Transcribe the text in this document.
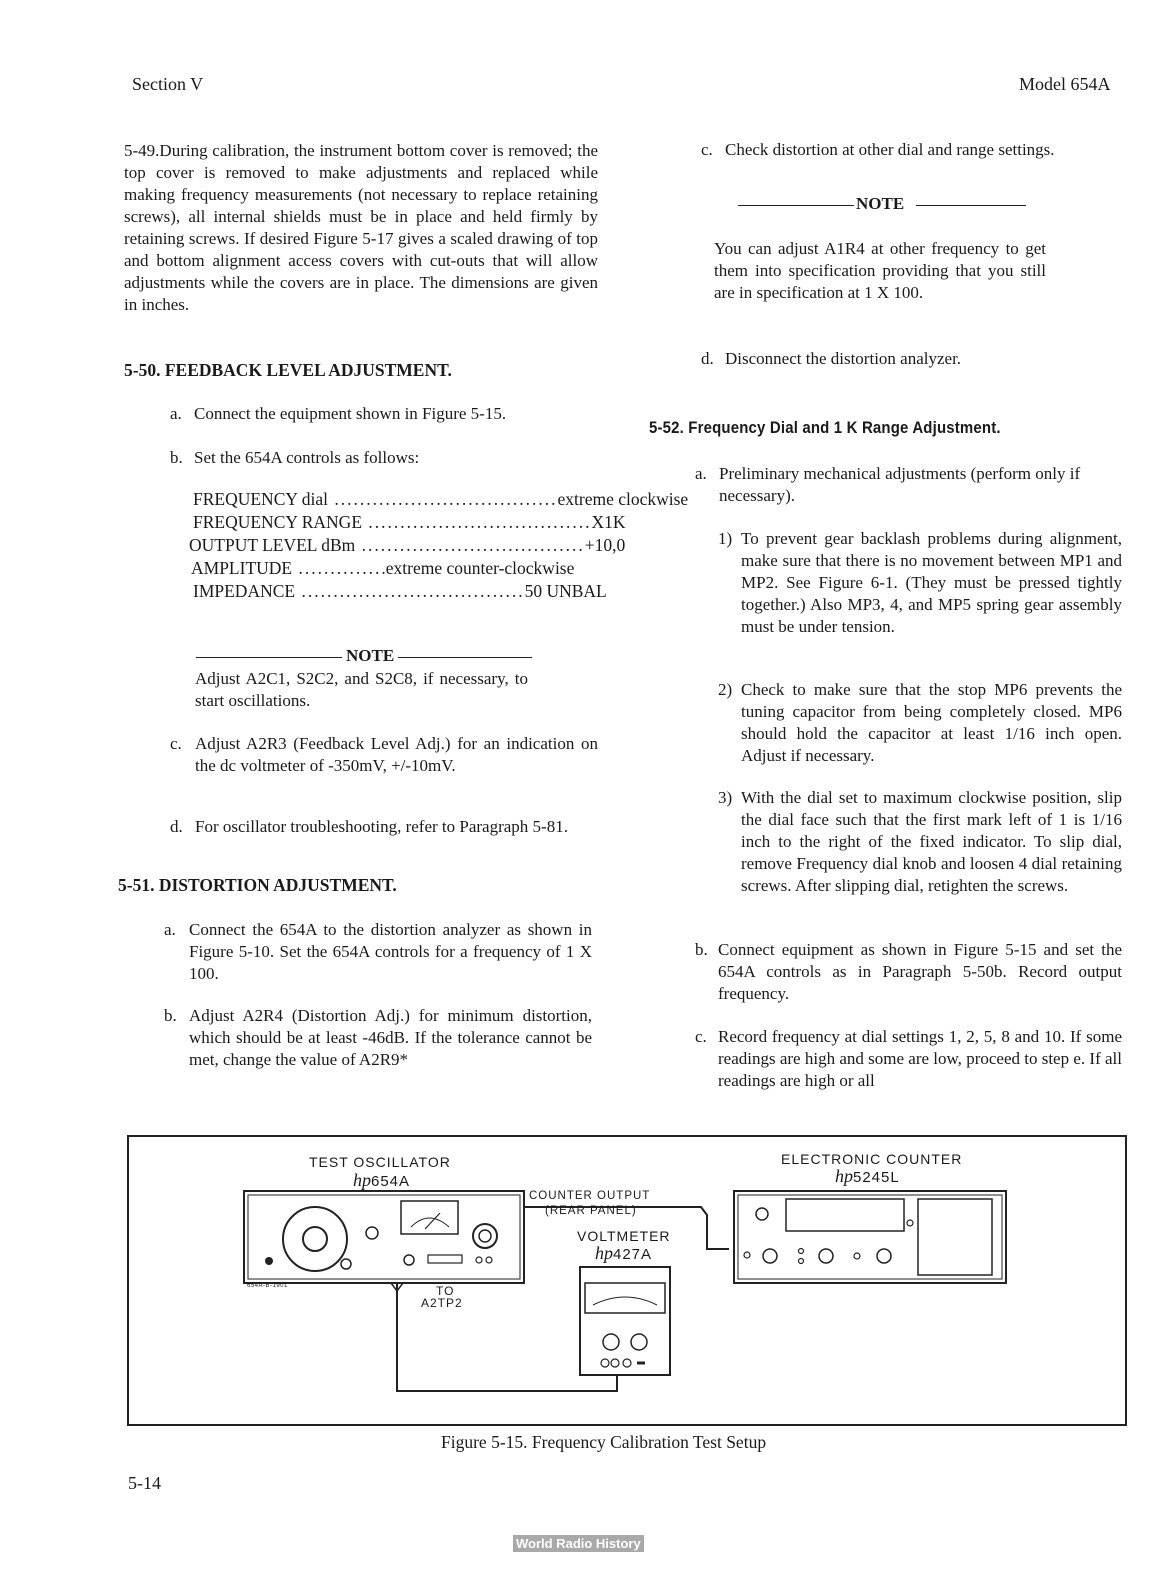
Section V	Model 654A
5-49.During calibration, the instrument bottom cover is removed; the top cover is removed to make adjustments and replaced while making frequency measurements (not necessary to replace retaining screws), all internal shields must be in place and held firmly by retaining screws. If desired Figure 5-17 gives a scaled drawing of top and bottom alignment access covers with cut-outs that will allow adjustments while the covers are in place. The dimensions are given in inches.
5-50. FEEDBACK LEVEL ADJUSTMENT.
a. Connect the equipment shown in Figure 5-15.
b. Set the 654A controls as follows:
FREQUENCY dial ................................... extreme clockwise
FREQUENCY RANGE ................................... X1K
OUTPUT LEVEL dBm ................................... +10,0
AMPLITUDE ............. .extreme counter-clockwise
IMPEDANCE ................................... 50 UNBAL
NOTE
Adjust A2C1, S2C2, and S2C8, if necessary, to start oscillations.
c. Adjust A2R3 (Feedback Level Adj.) for an indication on the dc voltmeter of -350mV, +/-10mV.
d. For oscillator troubleshooting, refer to Paragraph 5-81.
5-51. DISTORTION ADJUSTMENT.
a. Connect the 654A to the distortion analyzer as shown in Figure 5-10. Set the 654A controls for a frequency of 1 X 100.
b. Adjust A2R4 (Distortion Adj.) for minimum distortion, which should be at least -46dB. If the tolerance cannot be met, change the value of A2R9*
c. Check distortion at other dial and range settings.
NOTE
You can adjust A1R4 at other frequency to get them into specification providing that you still are in specification at 1 X 100.
d. Disconnect the distortion analyzer.
5-52. Frequency Dial and 1 K Range Adjustment.
a. Preliminary mechanical adjustments (perform only if necessary).
1) To prevent gear backlash problems during alignment, make sure that there is no movement between MP1 and MP2. See Figure 6-1. (They must be pressed tightly together.) Also MP3, 4, and MP5 spring gear assembly must be under tension.
2) Check to make sure that the stop MP6 prevents the tuning capacitor from being completely closed. MP6 should hold the capacitor at least 1/16 inch open. Adjust if necessary.
3) With the dial set to maximum clockwise position, slip the dial face such that the first mark left of 1 is 1/16 inch to the right of the fixed indicator. To slip dial, remove Frequency dial knob and loosen 4 dial retaining screws. After slipping dial, retighten the screws.
b. Connect equipment as shown in Figure 5-15 and set the 654A controls as in Paragraph 5-50b. Record output frequency.
c. Record frequency at dial settings 1, 2, 5, 8 and 10. If some readings are high and some are low, proceed to step e. If all readings are high or all
TEST OSCILLATOR
hp654A
ELECTRONIC COUNTER
hp5245L
COUNTER OUTPUT
(REAR PANEL)
VOLTMETER
hp427A
TO
A2TP2
654A-B-1901
Figure 5-15. Frequency Calibration Test Setup
5-14
World Radio History
